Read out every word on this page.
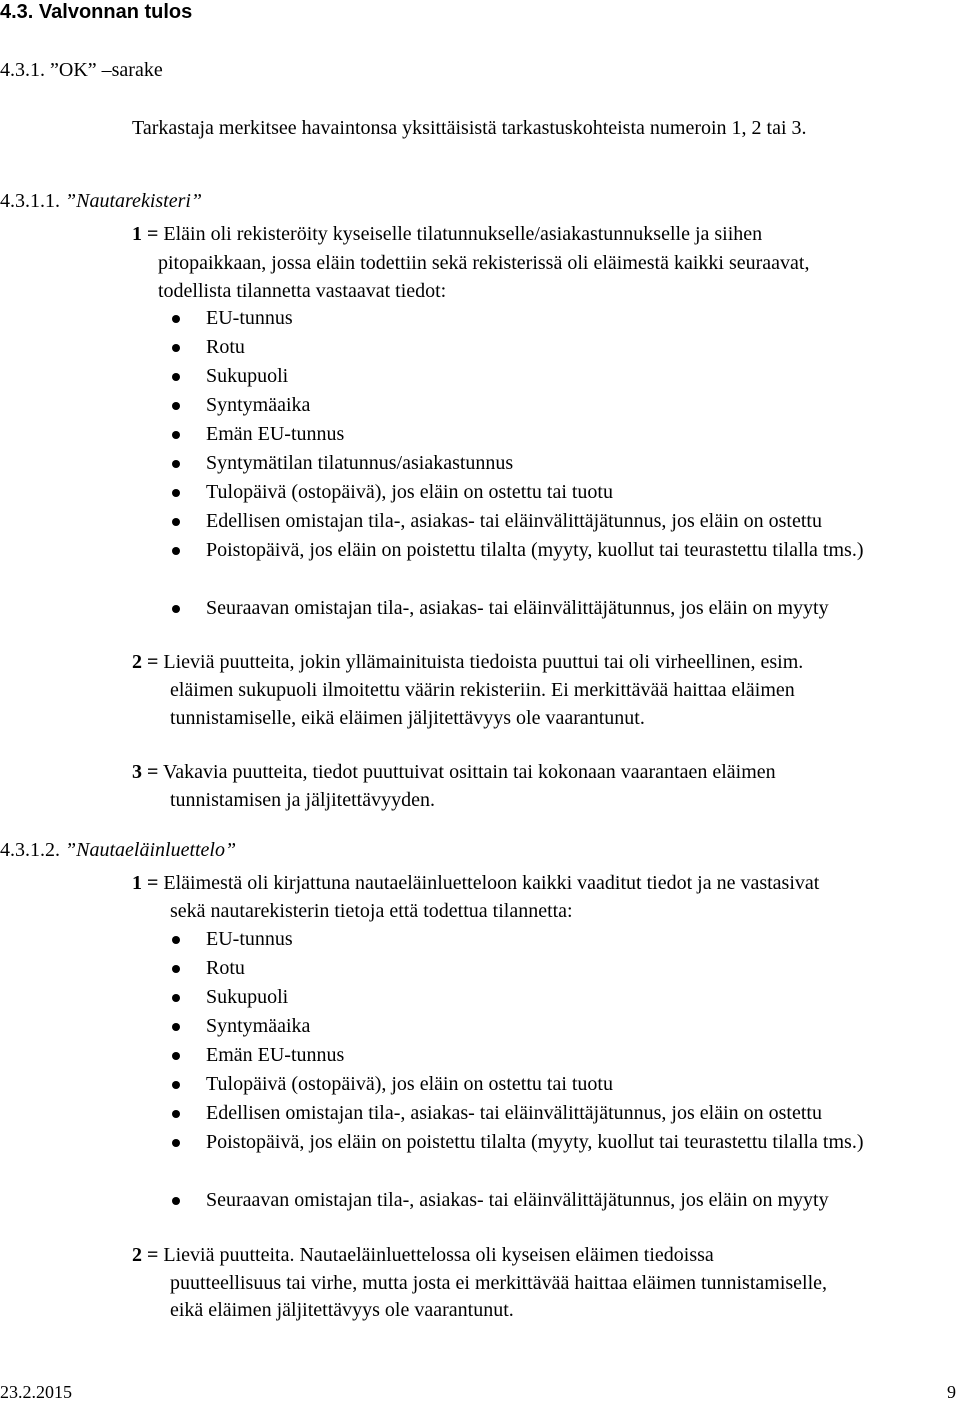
4.3. Valvonnan tulos
4.3.1. ”OK” –sarake
Tarkastaja merkitsee havaintonsa yksittäisistä tarkastuskohteista numeroin 1, 2 tai 3.
4.3.1.1. ”Nautarekisteri”
1 = Eläin oli rekisteröity kyseiselle tilatunnukselle/asiakastunnukselle ja siihen
pitopaikkaan, jossa eläin todettiin sekä rekisterissä oli eläimestä kaikki seuraavat,
todellista tilannetta vastaavat tiedot:
EU-tunnus
Rotu
Sukupuoli
Syntymäaika
Emän EU-tunnus
Syntymätilan tilatunnus/asiakastunnus
Tulopäivä (ostopäivä), jos eläin on ostettu tai tuotu
Edellisen omistajan tila-, asiakas- tai eläinvälittäjätunnus, jos eläin on ostettu
Poistopäivä, jos eläin on poistettu tilalta (myyty, kuollut tai teurastettu tilalla tms.)
Seuraavan omistajan tila-, asiakas- tai eläinvälittäjätunnus, jos eläin on myyty
2 = Lieviä puutteita, jokin yllämainituista tiedoista puuttui tai oli virheellinen, esim.
eläimen sukupuoli ilmoitettu väärin rekisteriin. Ei merkittävää haittaa eläimen
tunnistamiselle, eikä eläimen jäljitettävyys ole vaarantunut.
3 = Vakavia puutteita, tiedot puuttuivat osittain tai kokonaan vaarantaen eläimen
tunnistamisen ja jäljitettävyyden.
4.3.1.2. ”Nautaeläinluettelo”
1 = Eläimestä oli kirjattuna nautaeläinluetteloon kaikki vaaditut tiedot ja ne vastasivat
sekä nautarekisterin tietoja että todettua tilannetta:
EU-tunnus
Rotu
Sukupuoli
Syntymäaika
Emän EU-tunnus
Tulopäivä (ostopäivä), jos eläin on ostettu tai tuotu
Edellisen omistajan tila-, asiakas- tai eläinvälittäjätunnus, jos eläin on ostettu
Poistopäivä, jos eläin on poistettu tilalta (myyty, kuollut tai teurastettu tilalla tms.)
Seuraavan omistajan tila-, asiakas- tai eläinvälittäjätunnus, jos eläin on myyty
2 = Lieviä puutteita. Nautaeläinluettelossa oli kyseisen eläimen tiedoissa
puutteellisuus tai virhe, mutta josta ei merkittävää haittaa eläimen tunnistamiselle,
eikä eläimen jäljitettävyys ole vaarantunut.
23.2.2015	9
